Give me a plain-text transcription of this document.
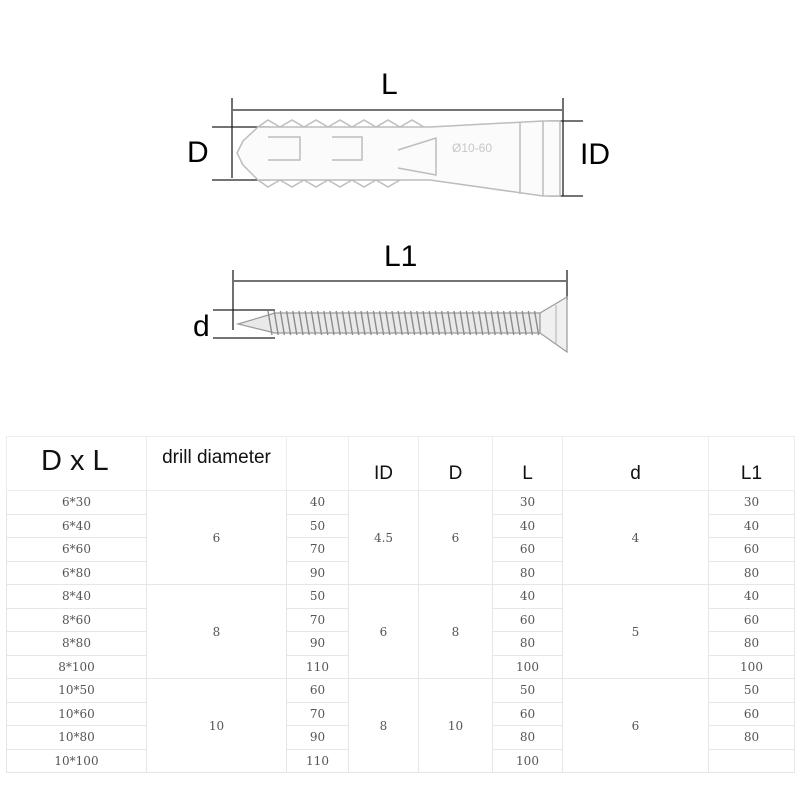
Ø10-60
L
D	ID
L1
d
D x L	drill diameter		ID	D	L	d	L1
6*30	6	40	4.5	6	30	4	30
6*40		50			40		40
6*60		70			60		60
6*80		90			80		80
8*40	8	50	6	8	40	5	40
8*60		70			60		60
8*80		90			80		80
8*100		110			100		100
10*50	10	60	8	10	50	6	50
10*60		70			60		60
10*80		90			80		80
10*100		110			100		
